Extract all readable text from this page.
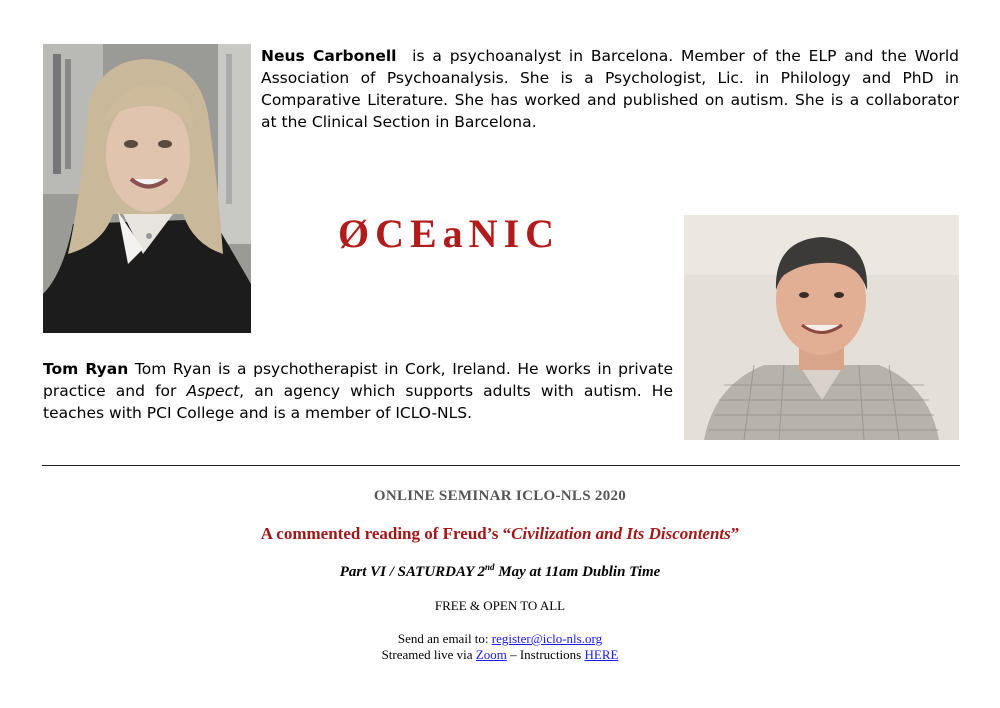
Neus Carbonell is a psychoanalyst in Barcelona. Member of the ELP and the World Association of Psychoanalysis. She is a Psychologist, Lic. in Philology and PhD in Comparative Literature. She has worked and published on autism. She is a collaborator at the Clinical Section in Barcelona.
ØCEaNIC
Tom Ryan Tom Ryan is a psychotherapist in Cork, Ireland. He works in private practice and for Aspect, an agency which supports adults with autism. He teaches with PCI College and is a member of ICLO-NLS.
ONLINE SEMINAR ICLO-NLS 2020
A commented reading of Freud’s “Civilization and Its Discontents”
Part VI / SATURDAY 2nd May at 11am Dublin Time
FREE & OPEN TO ALL
Send an email to: register@iclo-nls.org
Streamed live via Zoom – Instructions HERE
